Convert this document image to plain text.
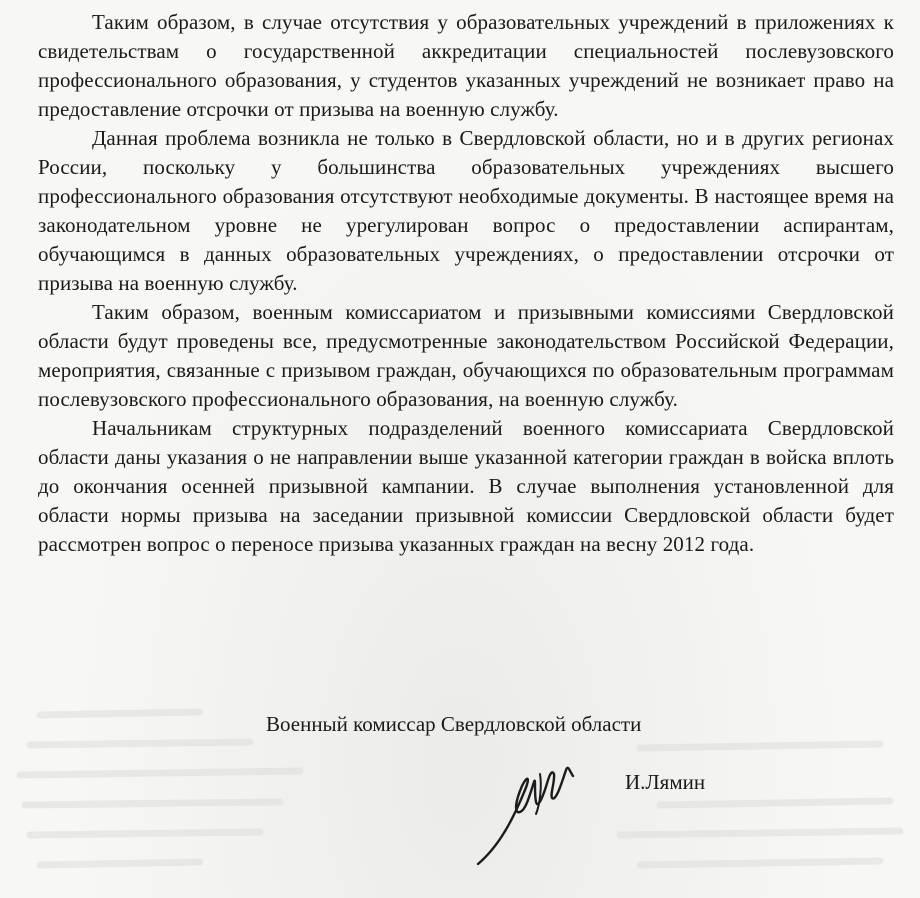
Таким образом, в случае отсутствия у образовательных учреждений в приложениях к свидетельствам о государственной аккредитации специальностей послевузовского профессионального образования, у студентов указанных учреждений не возникает право на предоставление отсрочки от призыва на военную службу.

Данная проблема возникла не только в Свердловской области, но и в других регионах России, поскольку у большинства образовательных учреждениях высшего профессионального образования отсутствуют необходимые документы. В настоящее время на законодательном уровне не урегулирован вопрос о предоставлении аспирантам, обучающимся в данных образовательных учреждениях, о предоставлении отсрочки от призыва на военную службу.

Таким образом, военным комиссариатом и призывными комиссиями Свердловской области будут проведены все, предусмотренные законодательством Российской Федерации, мероприятия, связанные с призывом граждан, обучающихся по образовательным программам послевузовского профессионального образования, на военную службу.

Начальникам структурных подразделений военного комиссариата Свердловской области даны указания о не направлении выше указанной категории граждан в войска вплоть до окончания осенней призывной кампании. В случае выполнения установленной для области нормы призыва на заседании призывной комиссии Свердловской области будет рассмотрен вопрос о переносе призыва указанных граждан на весну 2012 года.

Военный комиссар Свердловской области
И.Лямин
